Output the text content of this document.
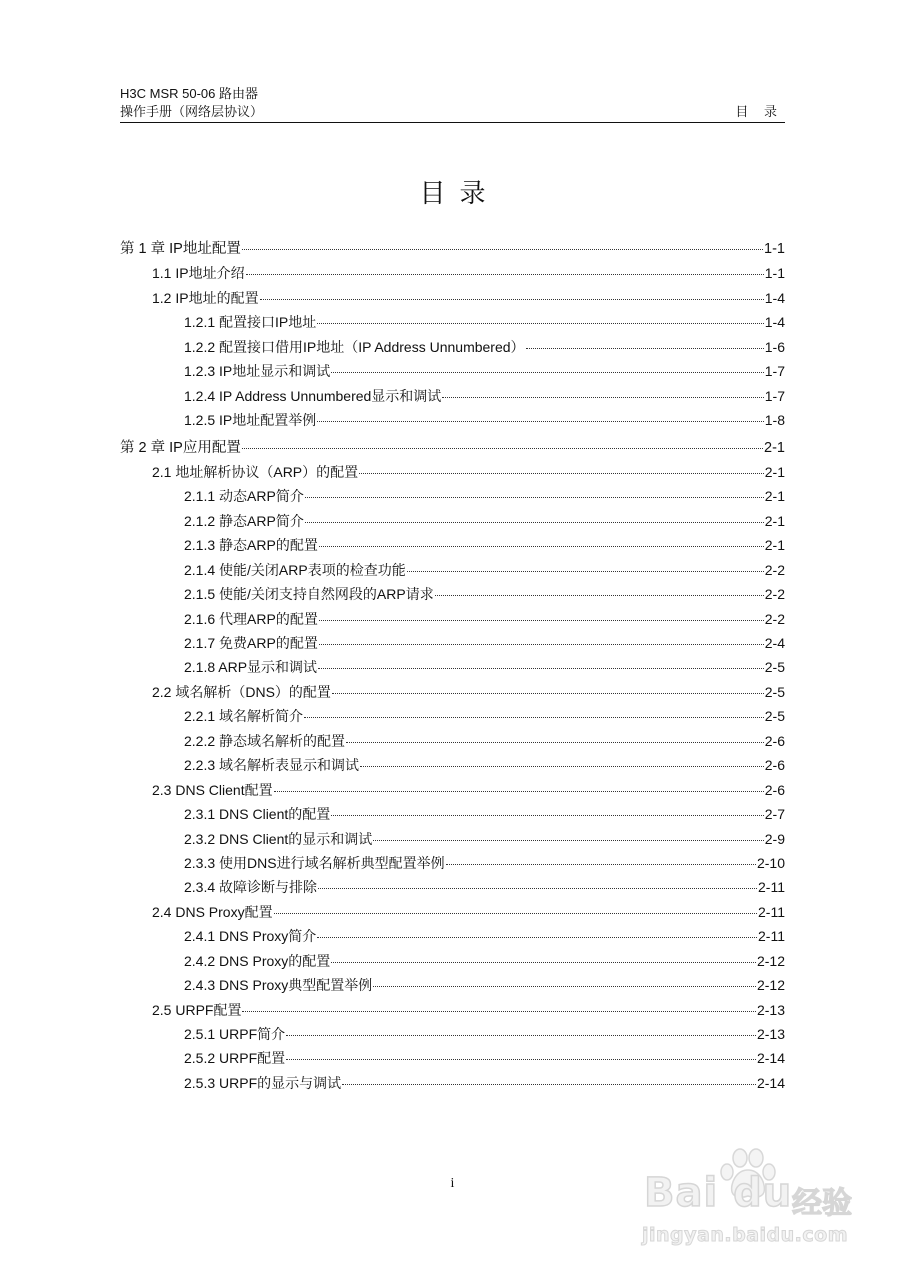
H3C MSR 50-06 路由器
操作手册（网络层协议）	目 录
目录
第 1 章 IP地址配置	1-1
1.1 IP地址介绍	1-1
1.2 IP地址的配置	1-4
1.2.1 配置接口IP地址	1-4
1.2.2 配置接口借用IP地址（IP Address Unnumbered）	1-6
1.2.3 IP地址显示和调试	1-7
1.2.4 IP Address Unnumbered显示和调试	1-7
1.2.5 IP地址配置举例	1-8
第 2 章 IP应用配置	2-1
2.1 地址解析协议（ARP）的配置	2-1
2.1.1 动态ARP简介	2-1
2.1.2 静态ARP简介	2-1
2.1.3 静态ARP的配置	2-1
2.1.4 使能/关闭ARP表项的检查功能	2-2
2.1.5 使能/关闭支持自然网段的ARP请求	2-2
2.1.6 代理ARP的配置	2-2
2.1.7 免费ARP的配置	2-4
2.1.8 ARP显示和调试	2-5
2.2 域名解析（DNS）的配置	2-5
2.2.1 域名解析简介	2-5
2.2.2 静态域名解析的配置	2-6
2.2.3 域名解析表显示和调试	2-6
2.3 DNS Client配置	2-6
2.3.1 DNS Client的配置	2-7
2.3.2 DNS Client的显示和调试	2-9
2.3.3 使用DNS进行域名解析典型配置举例	2-10
2.3.4 故障诊断与排除	2-11
2.4 DNS Proxy配置	2-11
2.4.1 DNS Proxy简介	2-11
2.4.2 DNS Proxy的配置	2-12
2.4.3 DNS Proxy典型配置举例	2-12
2.5 URPF配置	2-13
2.5.1 URPF简介	2-13
2.5.2 URPF配置	2-14
2.5.3 URPF的显示与调试	2-14
i	Bai du 经验
jingyan.baidu.com
